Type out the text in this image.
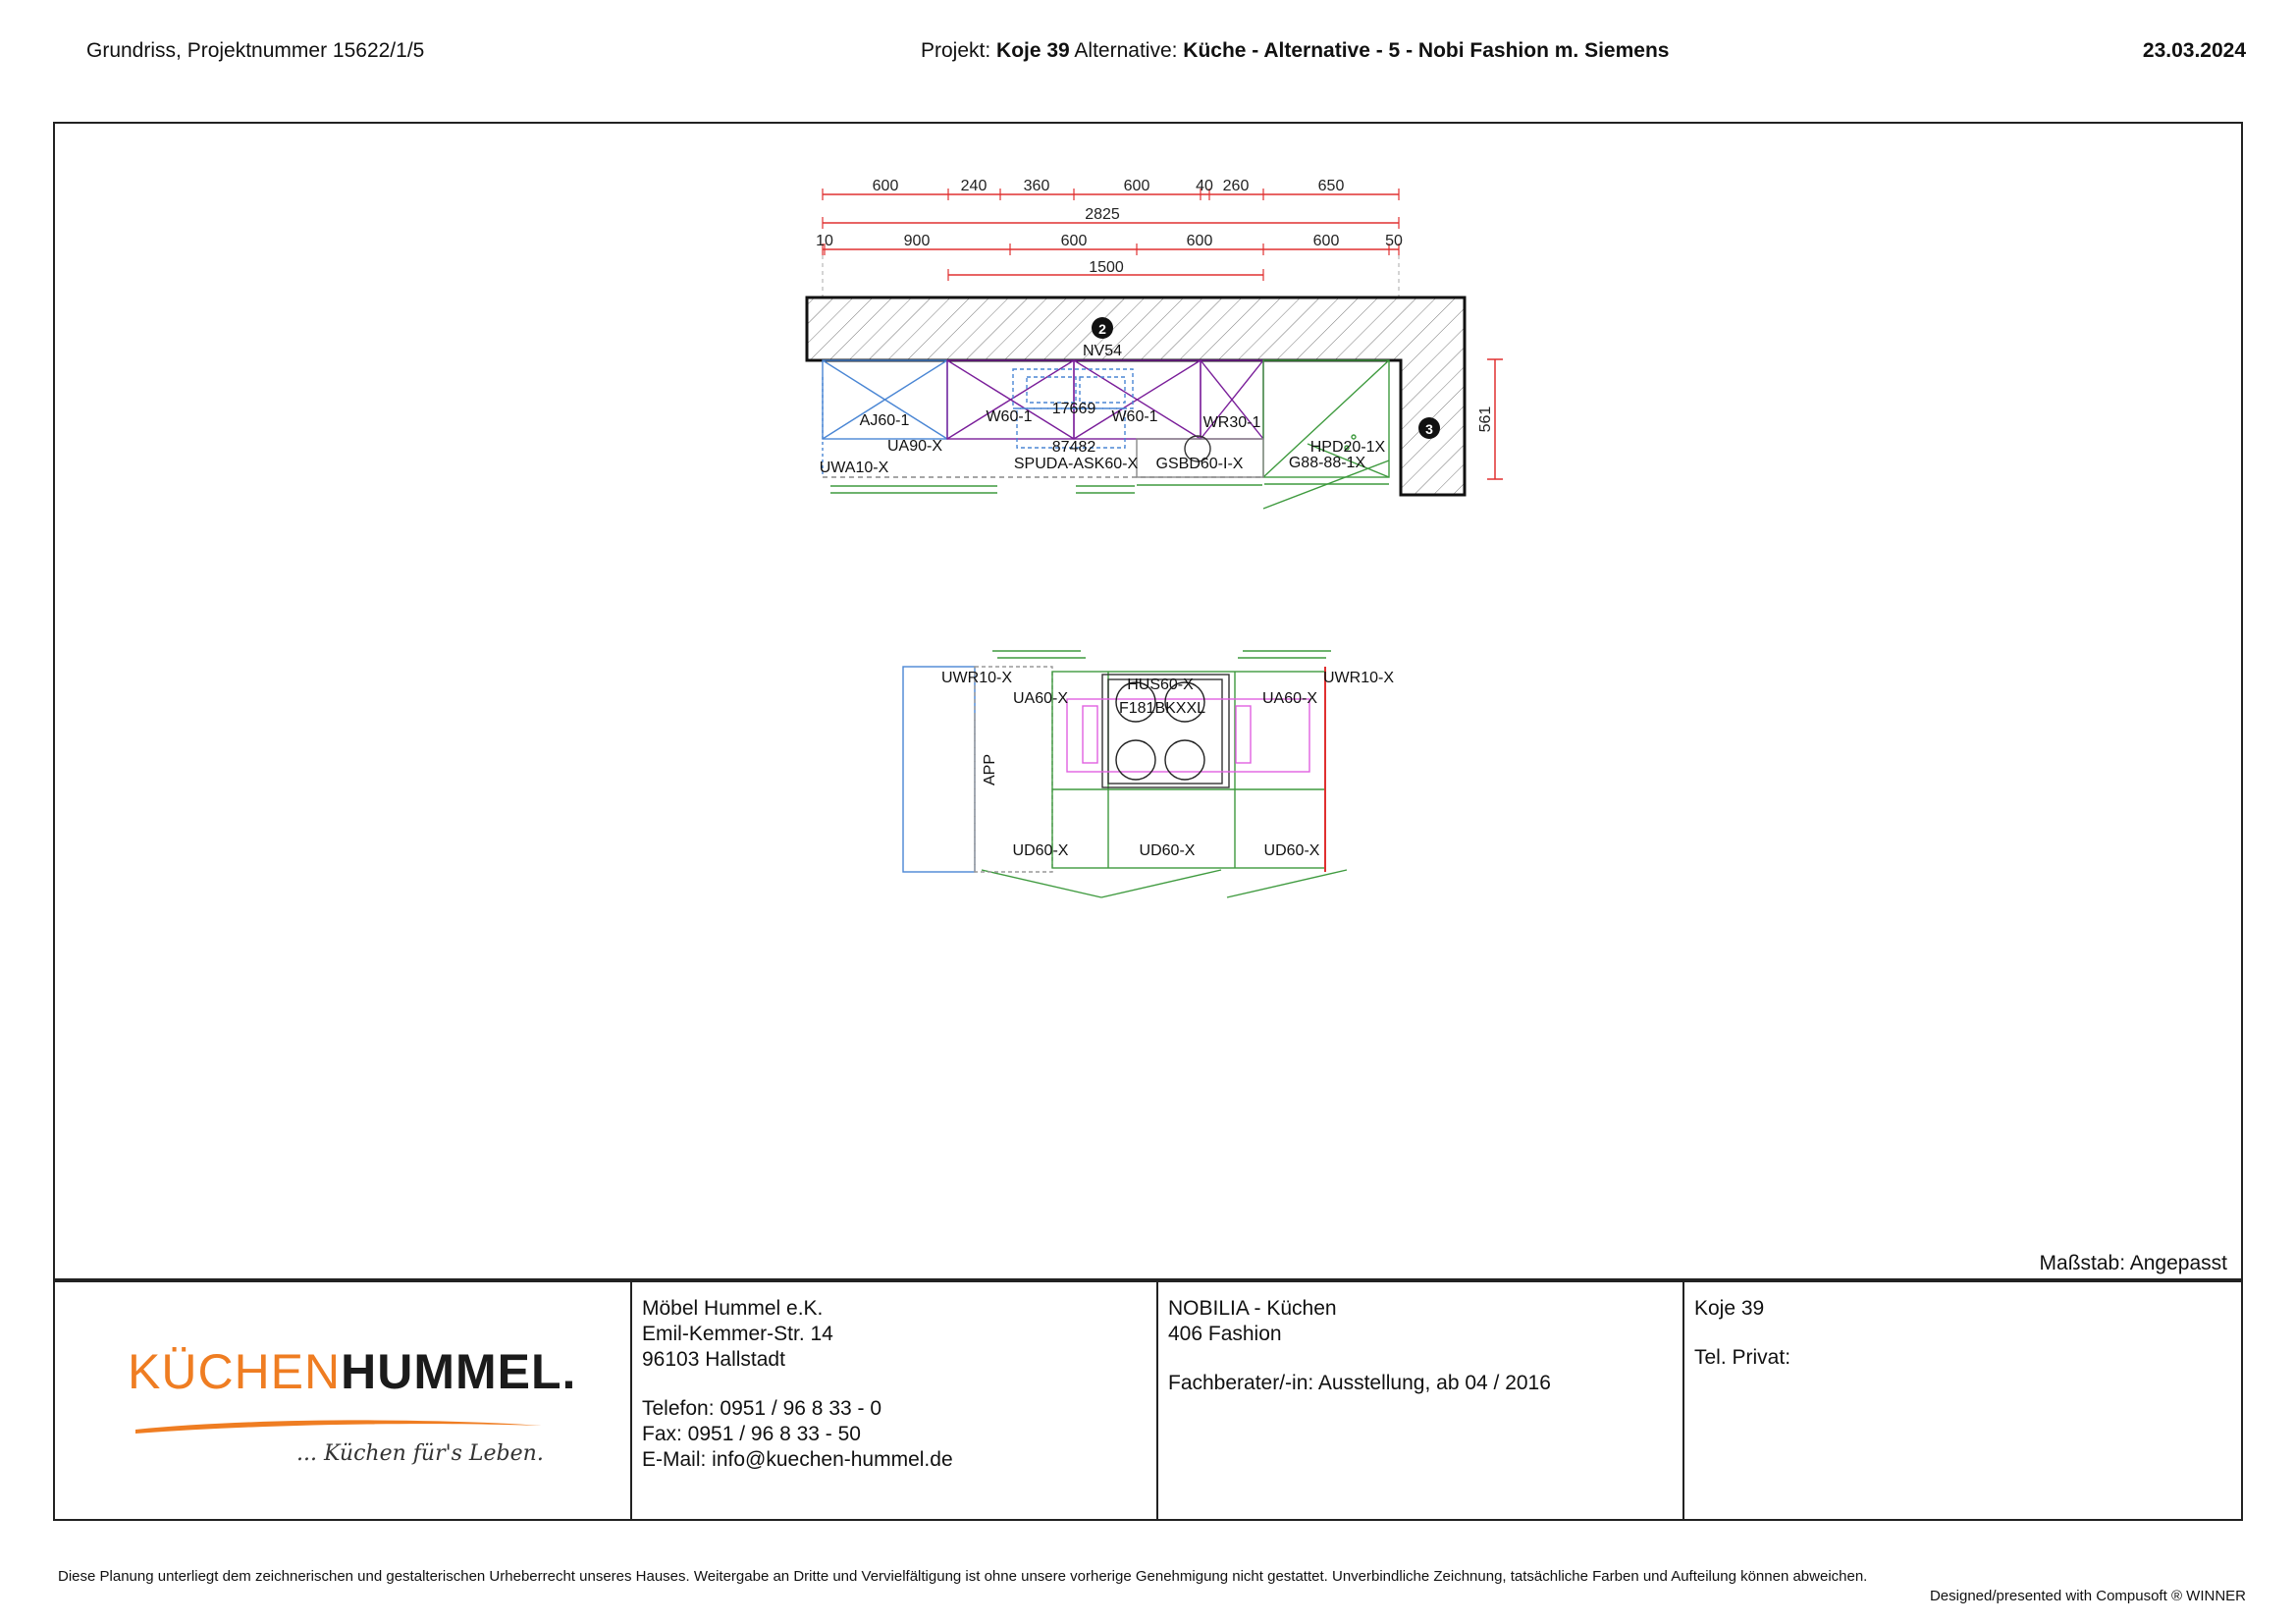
Grundriss, Projektnummer 15622/1/5	Projekt: Koje 39 Alternative: Küche - Alternative - 5 - Nobi Fashion m. Siemens	23.03.2024
600	240 360	600	40 260	650
2825
10	900	600	600	600	50
1500
561
2
3
NV54
AJ60-1	W60-1	W60-1	WR30-1
17669
87482
UA90-X
UWA10-X	SPUDA-ASK60-X GSBD60-I-X
HPD20-1X
G88-88-1X
UWR10-X	UWR10-X
HUS60-X
F181BKXXL
UA60-X	UA60-X
APP
UD60-X	UD60-X	UD60-X
Maßstab: Angepasst
KÜCHENHUMMEL.
... Küchen für's Leben.
Möbel Hummel e.K.
Emil-Kemmer-Str. 14
96103 Hallstadt
Telefon: 0951 / 96 8 33 - 0
Fax: 0951 / 96 8 33 - 50
E-Mail: info@kuechen-hummel.de
NOBILIA - Küchen
406 Fashion
Fachberater/-in: Ausstellung, ab 04 / 2016
Koje 39
Tel. Privat:
Diese Planung unterliegt dem zeichnerischen und gestalterischen Urheberrecht unseres Hauses. Weitergabe an Dritte und Vervielfältigung ist ohne unsere vorherige Genehmigung nicht gestattet. Unverbindliche Zeichnung, tatsächliche Farben und Aufteilung können abweichen.
Designed/presented with Compusoft ® WINNER
